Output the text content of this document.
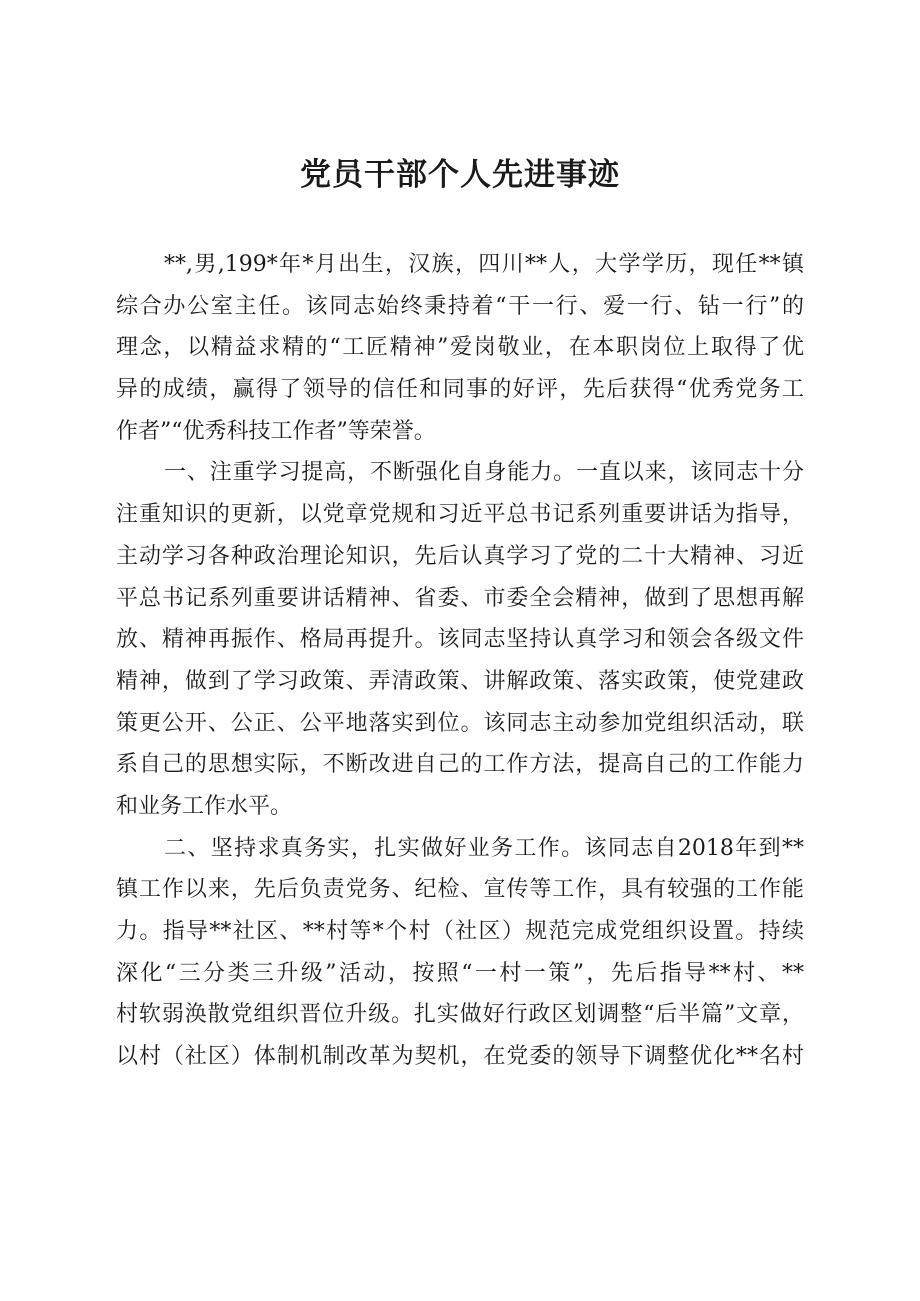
党员干部个人先进事迹
**,男,199*年*月出生，汉族，四川**人，大学学历，现任**镇
综合办公室主任。该同志始终秉持着“干一行、爱一行、钻一行”的
理念，以精益求精的“工匠精神”爱岗敬业，在本职岗位上取得了优
异的成绩，赢得了领导的信任和同事的好评，先后获得“优秀党务工
作者”“优秀科技工作者”等荣誉。
一、注重学习提高，不断强化自身能力。一直以来，该同志十分
注重知识的更新，以党章党规和习近平总书记系列重要讲话为指导，
主动学习各种政治理论知识，先后认真学习了党的二十大精神、习近
平总书记系列重要讲话精神、省委、市委全会精神，做到了思想再解
放、精神再振作、格局再提升。该同志坚持认真学习和领会各级文件
精神，做到了学习政策、弄清政策、讲解政策、落实政策，使党建政
策更公开、公正、公平地落实到位。该同志主动参加党组织活动，联
系自己的思想实际，不断改进自己的工作方法，提高自己的工作能力
和业务工作水平。
二、坚持求真务实，扎实做好业务工作。该同志自2018年到**
镇工作以来，先后负责党务、纪检、宣传等工作，具有较强的工作能
力。指导**社区、**村等*个村（社区）规范完成党组织设置。持续
深化“三分类三升级”活动，按照“一村一策”，先后指导**村、**
村软弱涣散党组织晋位升级。扎实做好行政区划调整“后半篇”文章，
以村（社区）体制机制改革为契机，在党委的领导下调整优化**名村
